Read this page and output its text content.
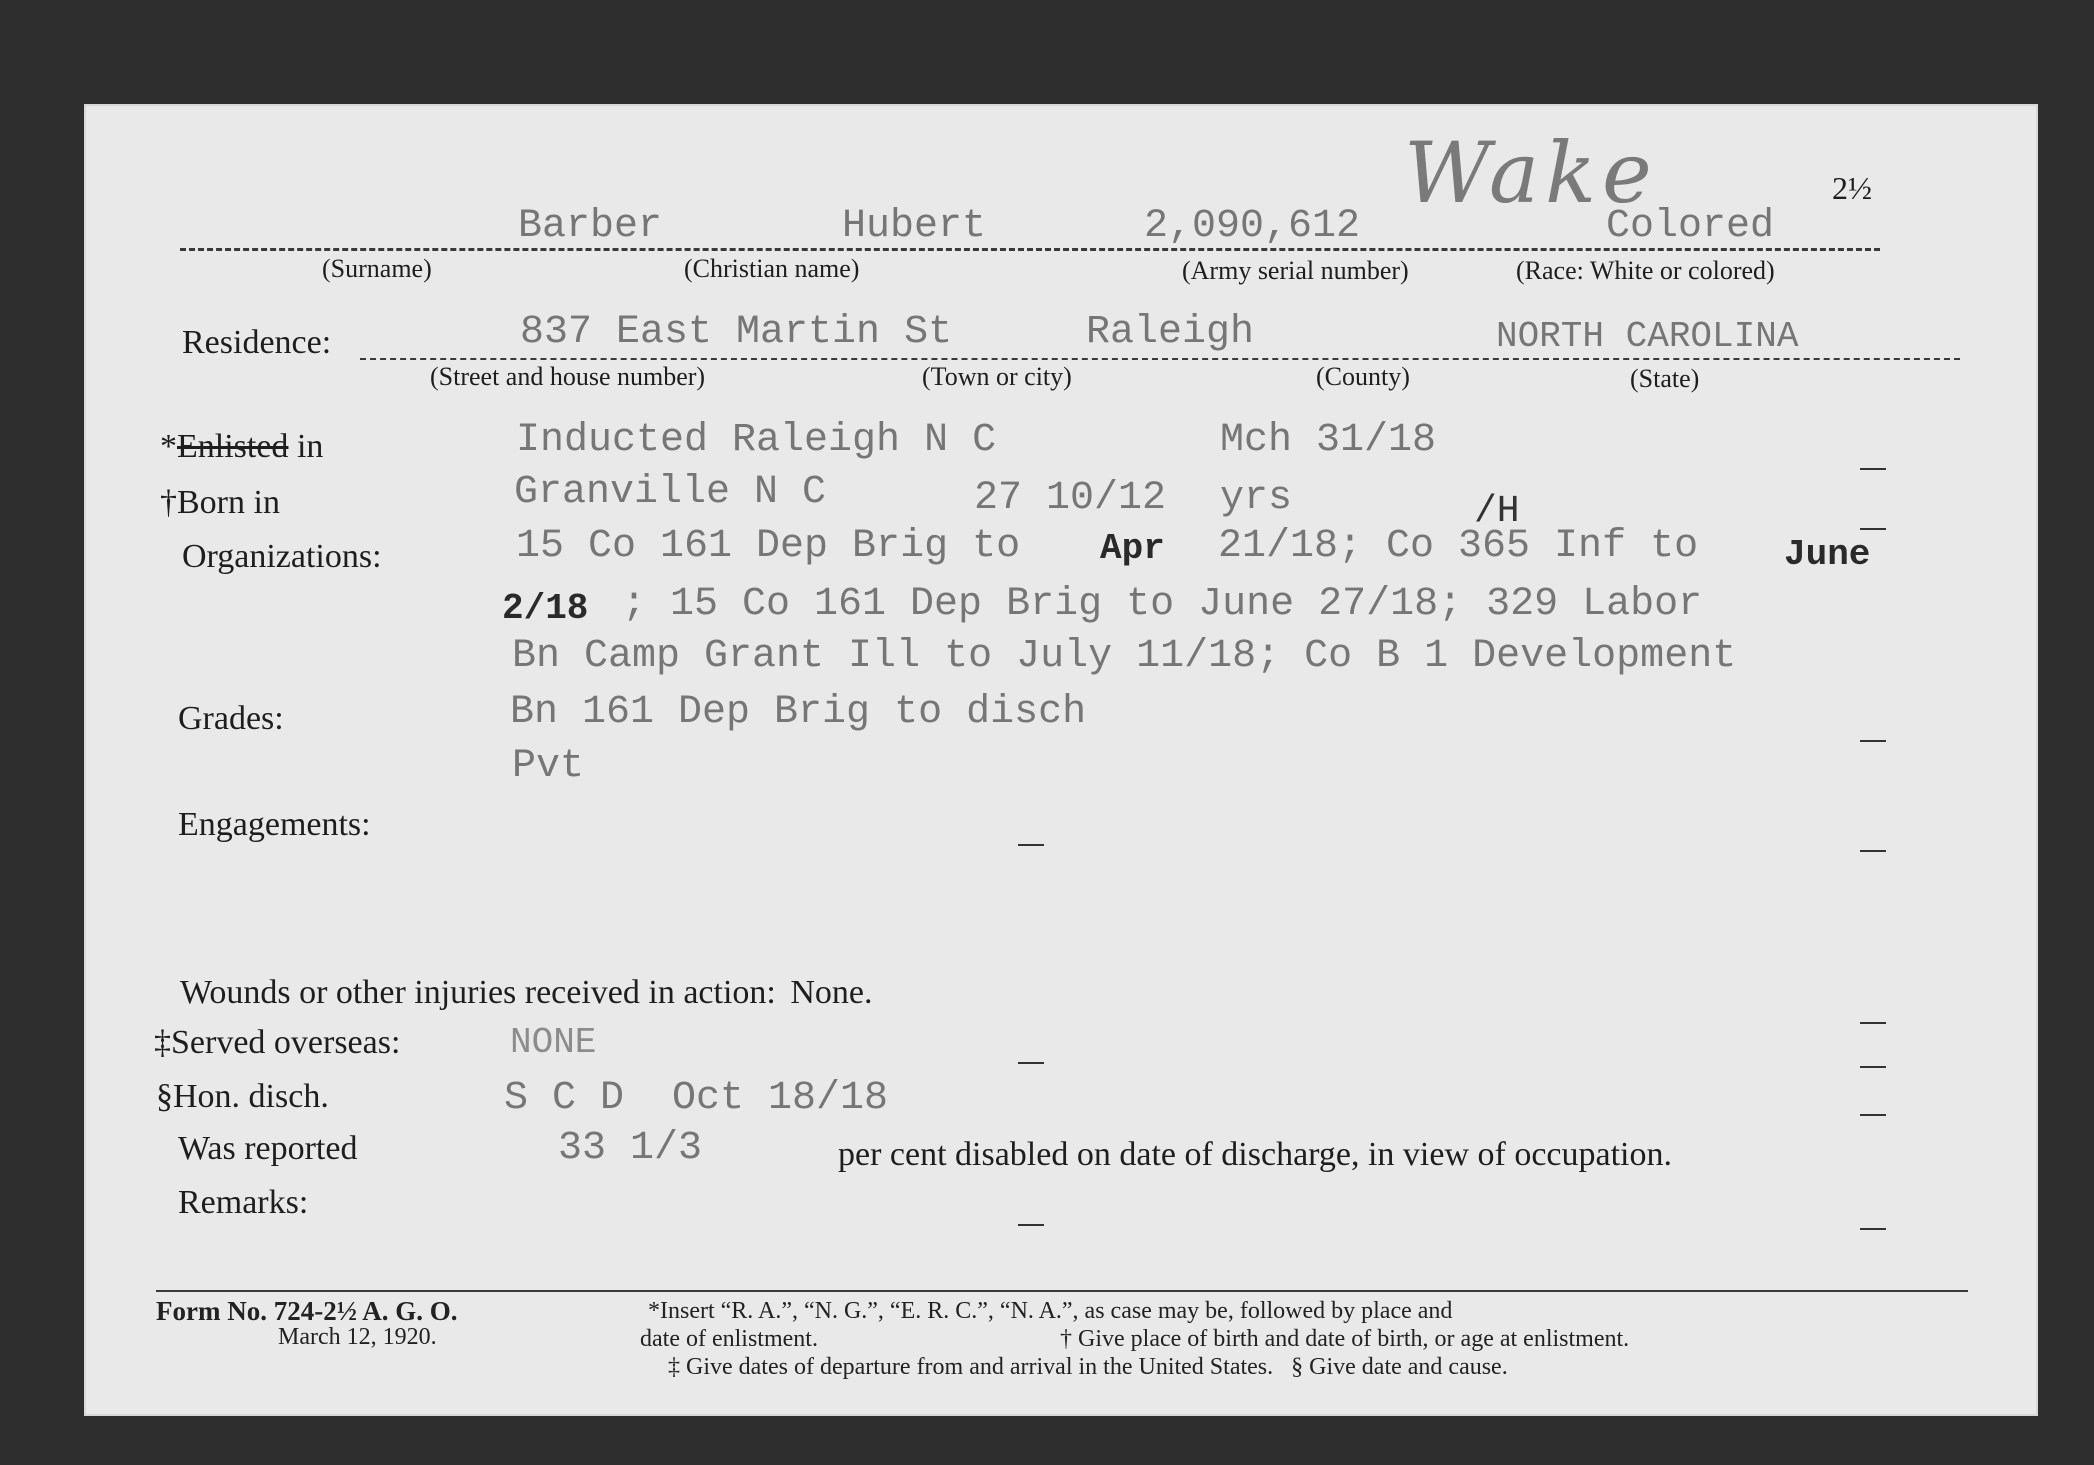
Wake	2½
Barber	Hubert	2,090,612	Colored
(Surname)	(Christian name)	(Army serial number)	(Race: White or colored)
Residence:	837 East Martin St	Raleigh	NORTH CAROLINA
(Street and house number)	(Town or city)	(County)	(State)
*Enlisted in	Inducted Raleigh N C	Mch 31/18
†Born in	Granville N C	27 10/12 yrs	/H
Organizations:	15 Co 161 Dep Brig to Apr 21/18; Co 365 Inf to June
2/18 ; 15 Co 161 Dep Brig to June 27/18; 329 Labor
Bn Camp Grant Ill to July 11/18; Co B 1 Development
Bn 161 Dep Brig to disch
Grades:
Pvt
Engagements:
Wounds or other injuries received in action: None.
‡Served overseas:	NONE
§Hon. disch.	S C D  Oct 18/18
Was reported	33 1/3	per cent disabled on date of discharge, in view of occupation.
Remarks:
Form No. 724-2½ A. G. O.
March 12, 1920.
*Insert “R. A.”, “N. G.”, “E. R. C.”, “N. A.”, as case may be, followed by place and
date of enlistment.	† Give place of birth and date of birth, or age at enlistment.
‡ Give dates of departure from and arrival in the United States.   § Give date and cause.
